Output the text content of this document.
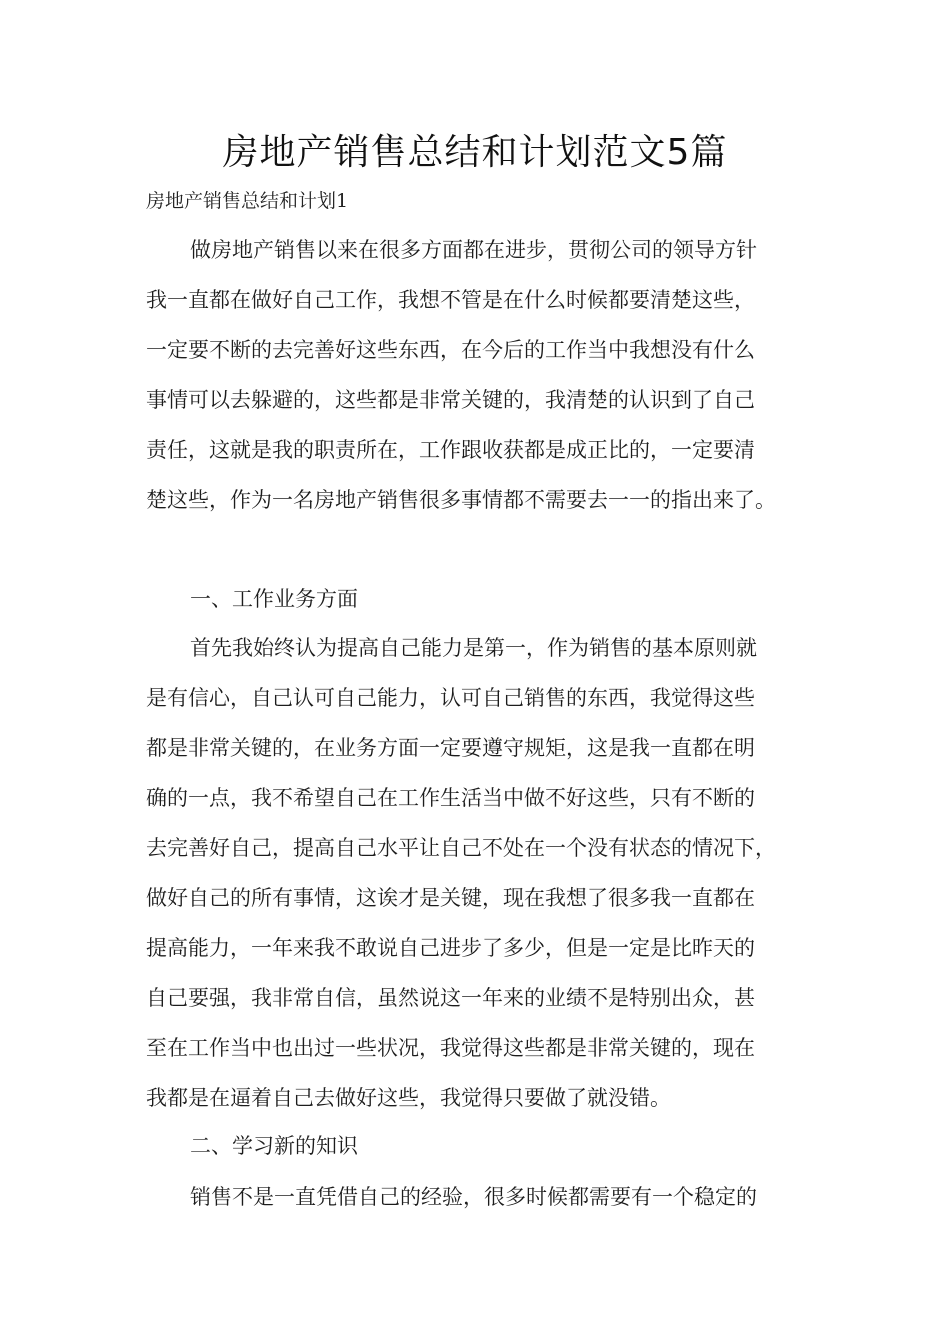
房地产销售总结和计划范文5篇
房地产销售总结和计划1
做房地产销售以来在很多方面都在进步，贯彻公司的领导方针
我一直都在做好自己工作，我想不管是在什么时候都要清楚这些，
一定要不断的去完善好这些东西，在今后的工作当中我想没有什么
事情可以去躲避的，这些都是非常关键的，我清楚的认识到了自己
责任，这就是我的职责所在，工作跟收获都是成正比的，一定要清
楚这些，作为一名房地产销售很多事情都不需要去一一的指出来了。
一、工作业务方面
首先我始终认为提高自己能力是第一，作为销售的基本原则就
是有信心，自己认可自己能力，认可自己销售的东西，我觉得这些
都是非常关键的，在业务方面一定要遵守规矩，这是我一直都在明
确的一点，我不希望自己在工作生活当中做不好这些，只有不断的
去完善好自己，提高自己水平让自己不处在一个没有状态的情况下，
做好自己的所有事情，这诶才是关键，现在我想了很多我一直都在
提高能力，一年来我不敢说自己进步了多少，但是一定是比昨天的
自己要强，我非常自信，虽然说这一年来的业绩不是特别出众，甚
至在工作当中也出过一些状况，我觉得这些都是非常关键的，现在
我都是在逼着自己去做好这些，我觉得只要做了就没错。
二、学习新的知识
销售不是一直凭借自己的经验，很多时候都需要有一个稳定的
